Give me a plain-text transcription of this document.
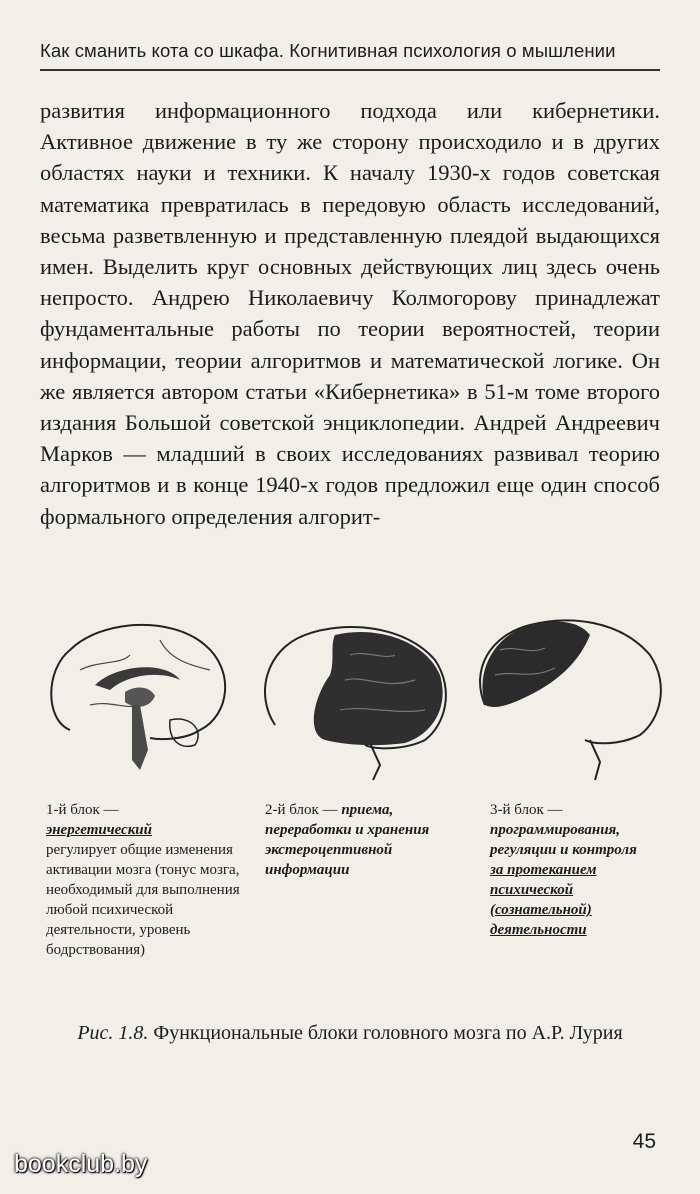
Как сманить кота со шкафа. Когнитивная психология о мышлении

развития информационного подхода или кибернетики. Активное движение в ту же сторону происходило и в других областях науки и техники. К началу 1930-х годов советская математика превратилась в передовую область исследований, весьма разветвленную и представленную плеядой выдающихся имен. Выделить круг основных действующих лиц здесь очень непросто. Андрею Николаевичу Колмогорову принадлежат фундаментальные работы по теории вероятностей, теории информации, теории алгоритмов и математической логике. Он же является автором статьи «Кибернетика» в 51-м томе второго издания Большой советской энциклопедии. Андрей Андреевич Марков — младший в своих исследованиях развивал теорию алгоритмов и в конце 1940-х годов предложил еще один способ формального определения алгорит-

1-й блок —
энергетический
регулирует общие изменения активации мозга (тонус мозга, необходимый для выполнения любой психической деятельности, уровень бодрствования)
2-й блок — приема, переработки и хранения экстероцептивной информации
3-й блок —
программирования, регуляции и контроля
за протеканием психической (сознательной) деятельности
Рис. 1.8. Функциональные блоки головного мозга по А.Р. Лурия
45
bookclub.by
